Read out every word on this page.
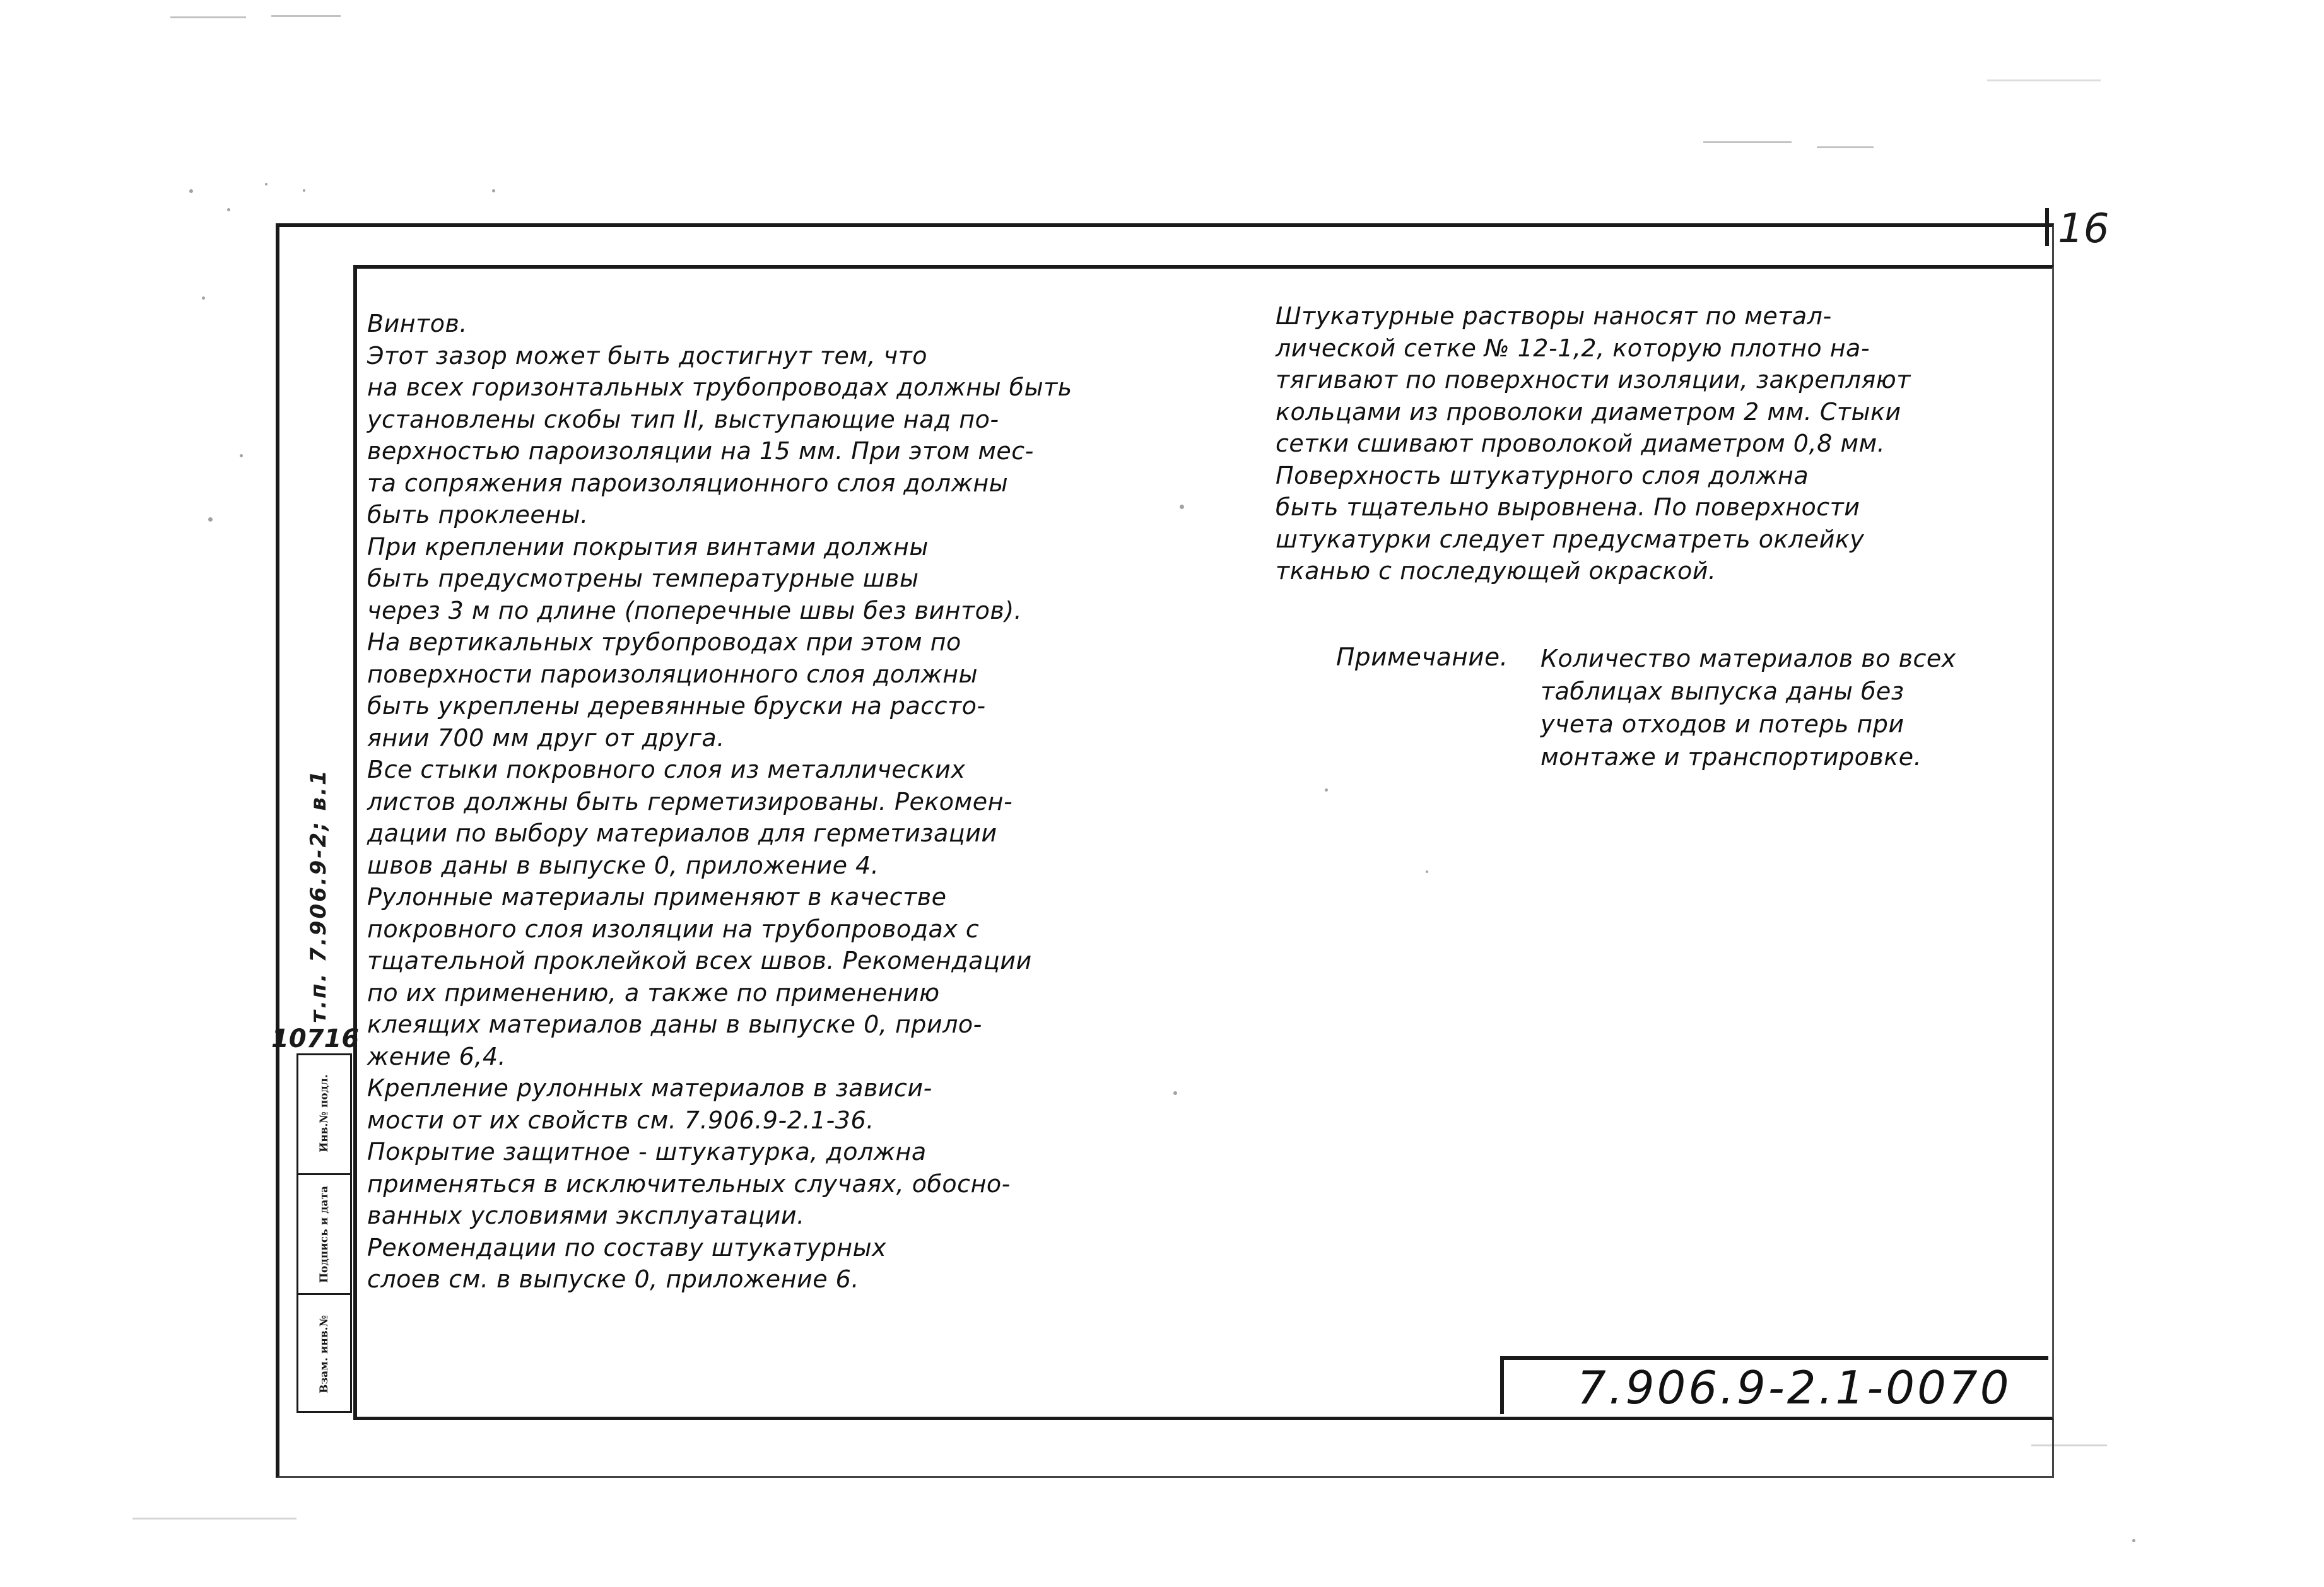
16
т.п. 7.906.9-2; в.1
10716
Инв.№ подл.
Подпись и дата
Взам. инв.№
Винтов.
Этот зазор может быть достигнут тем, что
на всех горизонтальных трубопроводах должны быть
установлены скобы тип II, выступающие над по-
верхностью пароизоляции на 15 мм. При этом мес-
та сопряжения пароизоляционного слоя должны
быть проклеены.
При креплении покрытия винтами должны
быть предусмотрены температурные швы
через 3 м по длине (поперечные швы без винтов).
На вертикальных трубопроводах при этом по
поверхности пароизоляционного слоя должны
быть укреплены деревянные бруски на рассто-
янии 700 мм друг от друга.
Все стыки покровного слоя из металлических
листов должны быть герметизированы. Рекомен-
дации по выбору материалов для герметизации
швов даны в выпуске 0, приложение 4.
Рулонные материалы применяют в качестве
покровного слоя изоляции на трубопроводах с
тщательной проклейкой всех швов. Рекомендации
по их применению, а также по применению
клеящих материалов даны в выпуске 0, прило-
жение 6,4.
Крепление рулонных материалов в зависи-
мости от их свойств см. 7.906.9-2.1-36.
Покрытие защитное - штукатурка, должна
применяться в исключительных случаях, обосно-
ванных условиями эксплуатации.
Рекомендации по составу штукатурных
слоев см. в выпуске 0, приложение 6.
Штукатурные растворы наносят по метал-
лической сетке № 12-1,2, которую плотно на-
тягивают по поверхности изоляции, закрепляют
кольцами из проволоки диаметром 2 мм. Стыки
сетки сшивают проволокой диаметром 0,8 мм.
Поверхность штукатурного слоя должна
быть тщательно выровнена. По поверхности
штукатурки следует предусматреть оклейку
тканью с последующей окраской.
Примечание. Количество материалов во всех
таблицах выпуска даны без
учета отходов и потерь при
монтаже и транспортировке.
7.906.9-2.1-0070
